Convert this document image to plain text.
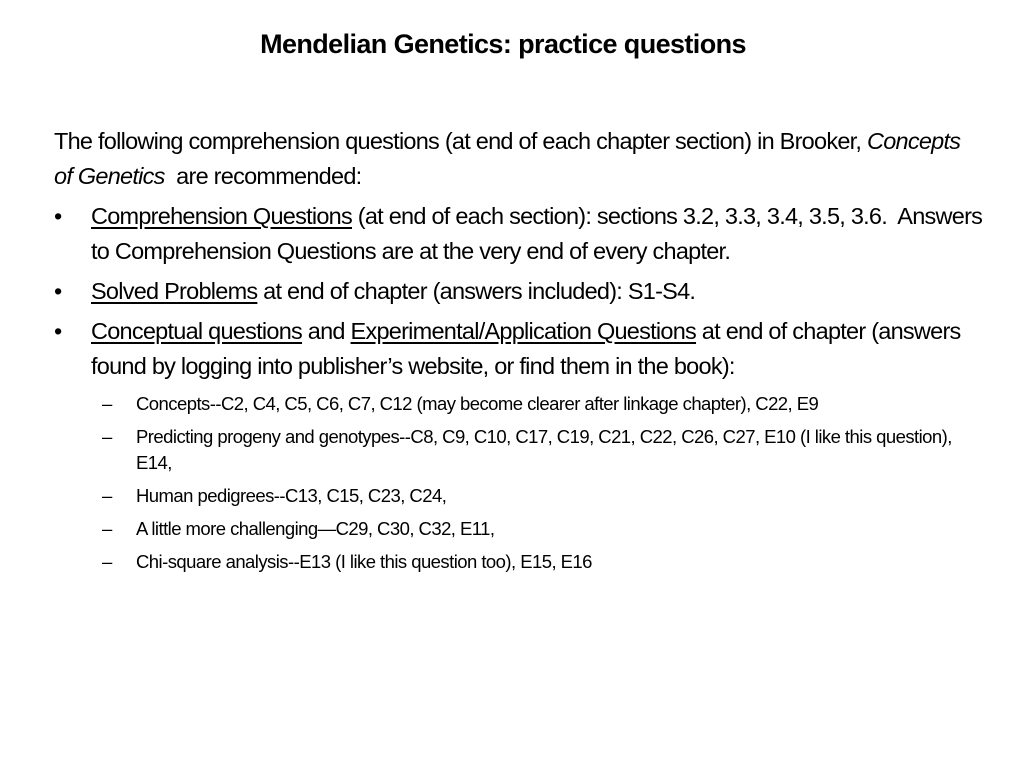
Mendelian Genetics: practice questions

The following comprehension questions (at end of each chapter section) in Brooker, Concepts of Genetics  are recommended:

•	Comprehension Questions (at end of each section): sections 3.2, 3.3, 3.4, 3.5, 3.6.  Answers to Comprehension Questions are at the very end of every chapter.
•	Solved Problems at end of chapter (answers included): S1-S4.
•	Conceptual questions and Experimental/Application Questions at end of chapter (answers found by logging into publisher’s website, or find them in the book):
– Concepts--C2, C4, C5, C6, C7, C12 (may become clearer after linkage chapter), C22, E9
– Predicting progeny and genotypes--C8, C9, C10, C17, C19, C21, C22, C26, C27, E10 (I like this question), E14,
– Human pedigrees--C13, C15, C23, C24,
– A little more challenging—C29, C30, C32, E11,
– Chi-square analysis--E13 (I like this question too), E15, E16
